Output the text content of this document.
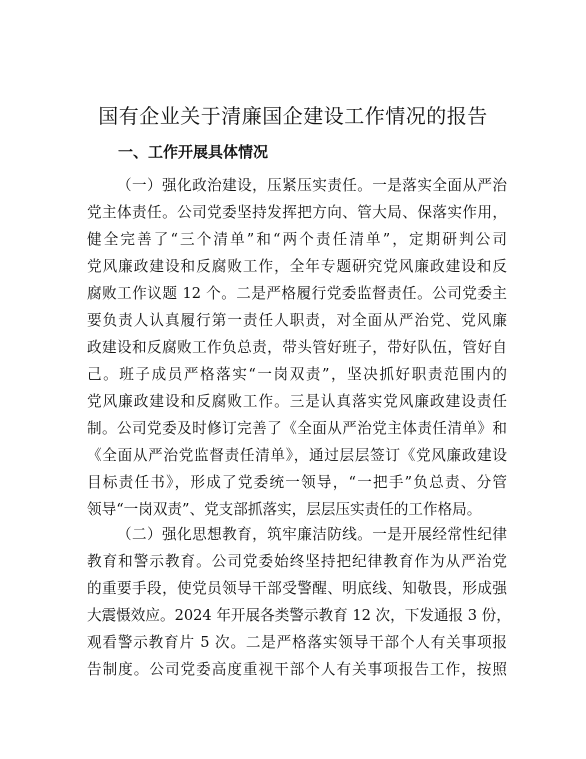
国有企业关于清廉国企建设工作情况的报告
一、工作开展具体情况
（一）强化政治建设，压紧压实责任。一是落实全面从严治
党主体责任。公司党委坚持发挥把方向、管大局、保落实作用，
健全完善了“三个清单”和“两个责任清单”，定期研判公司
党风廉政建设和反腐败工作，全年专题研究党风廉政建设和反
腐败工作议题 12 个。二是严格履行党委监督责任。公司党委主
要负责人认真履行第一责任人职责，对全面从严治党、党风廉
政建设和反腐败工作负总责，带头管好班子，带好队伍，管好自
己。班子成员严格落实“一岗双责”，坚决抓好职责范围内的
党风廉政建设和反腐败工作。三是认真落实党风廉政建设责任
制。公司党委及时修订完善了《全面从严治党主体责任清单》和
《全面从严治党监督责任清单》，通过层层签订《党风廉政建设
目标责任书》，形成了党委统一领导，“一把手”负总责、分管
领导“一岗双责”、党支部抓落实，层层压实责任的工作格局。
（二）强化思想教育，筑牢廉洁防线。一是开展经常性纪律
教育和警示教育。公司党委始终坚持把纪律教育作为从严治党
的重要手段，使党员领导干部受警醒、明底线、知敬畏，形成强
大震慑效应。2024 年开展各类警示教育 12 次，下发通报 3 份，
观看警示教育片 5 次。二是严格落实领导干部个人有关事项报
告制度。公司党委高度重视干部个人有关事项报告工作，按照
